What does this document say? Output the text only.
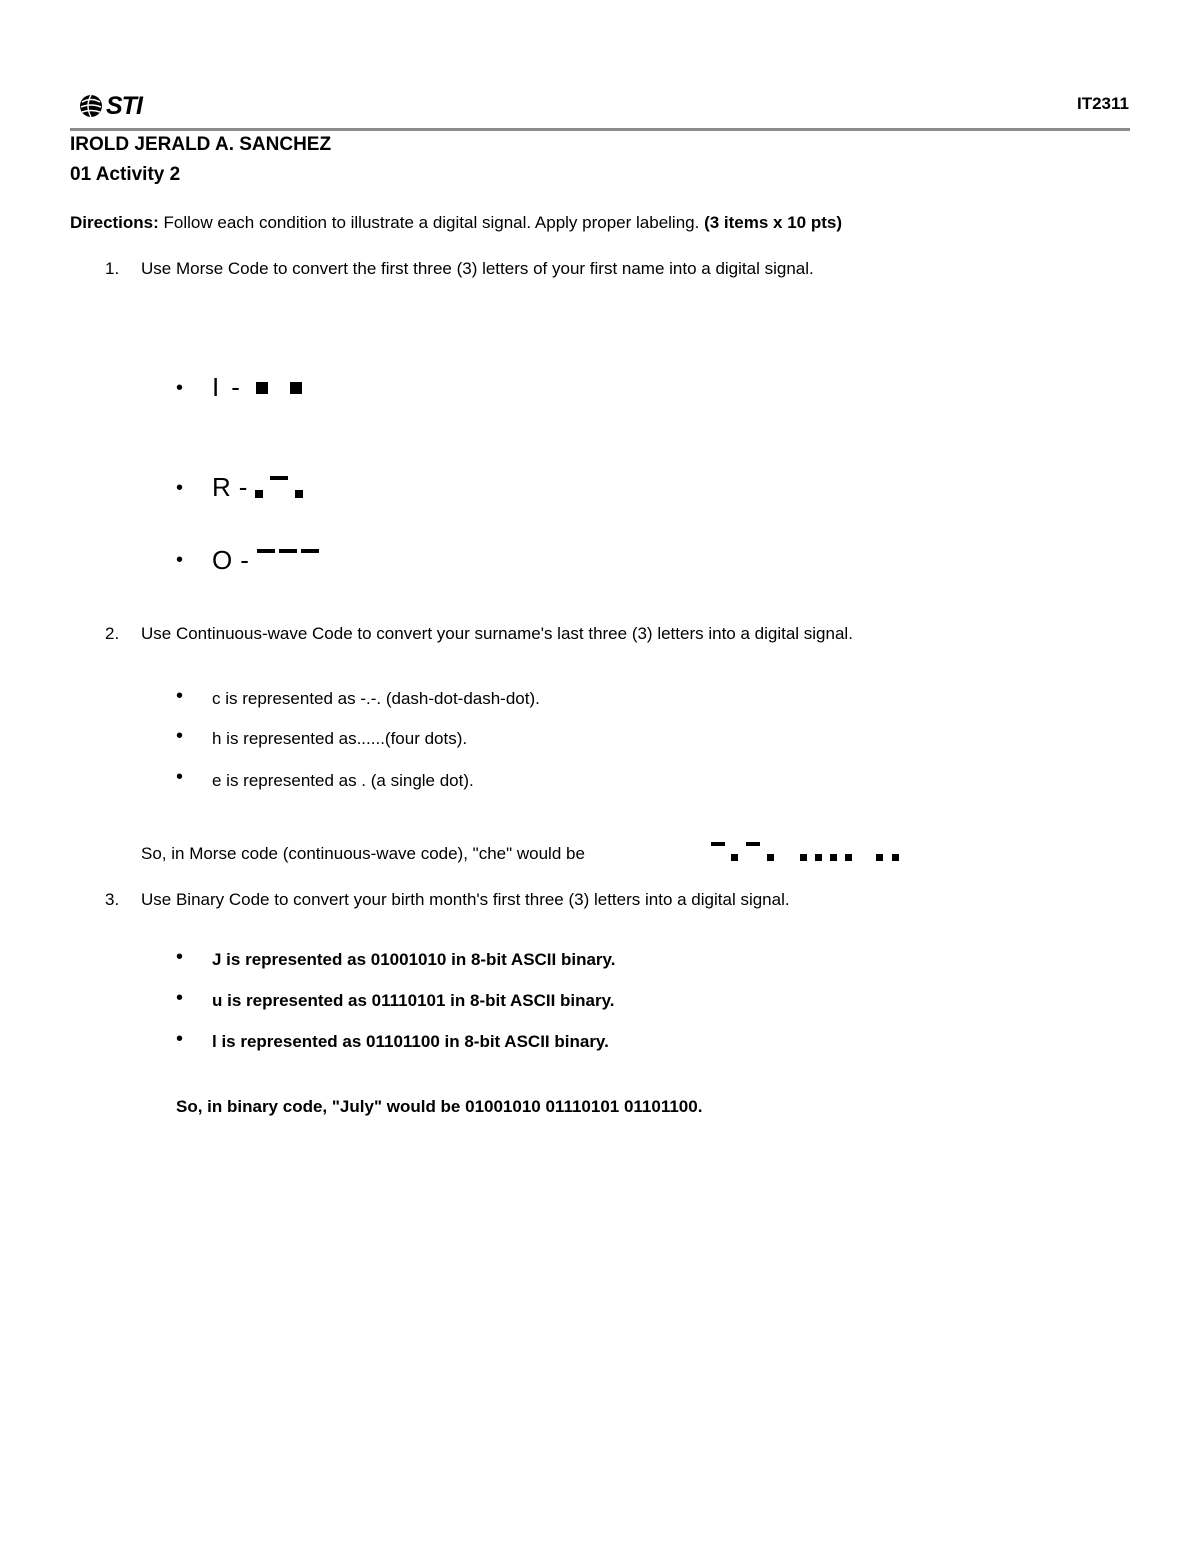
STI	IT2311
IROLD JERALD A. SANCHEZ
01 Activity 2
Directions: Follow each condition to illustrate a digital signal. Apply proper labeling. (3 items x 10 pts)
1. Use Morse Code to convert the first three (3) letters of your first name into a digital signal.
• I -
• R -
• O -
2. Use Continuous-wave Code to convert your surname's last three (3) letters into a digital signal.
• c is represented as -.-. (dash-dot-dash-dot).
• h is represented as......(four dots).
• e is represented as . (a single dot).
So, in Morse code (continuous-wave code), "che" would be
3. Use Binary Code to convert your birth month's first three (3) letters into a digital signal.
• J is represented as 01001010 in 8-bit ASCII binary.
• u is represented as 01110101 in 8-bit ASCII binary.
• l is represented as 01101100 in 8-bit ASCII binary.
So, in binary code, "July" would be 01001010 01110101 01101100.
